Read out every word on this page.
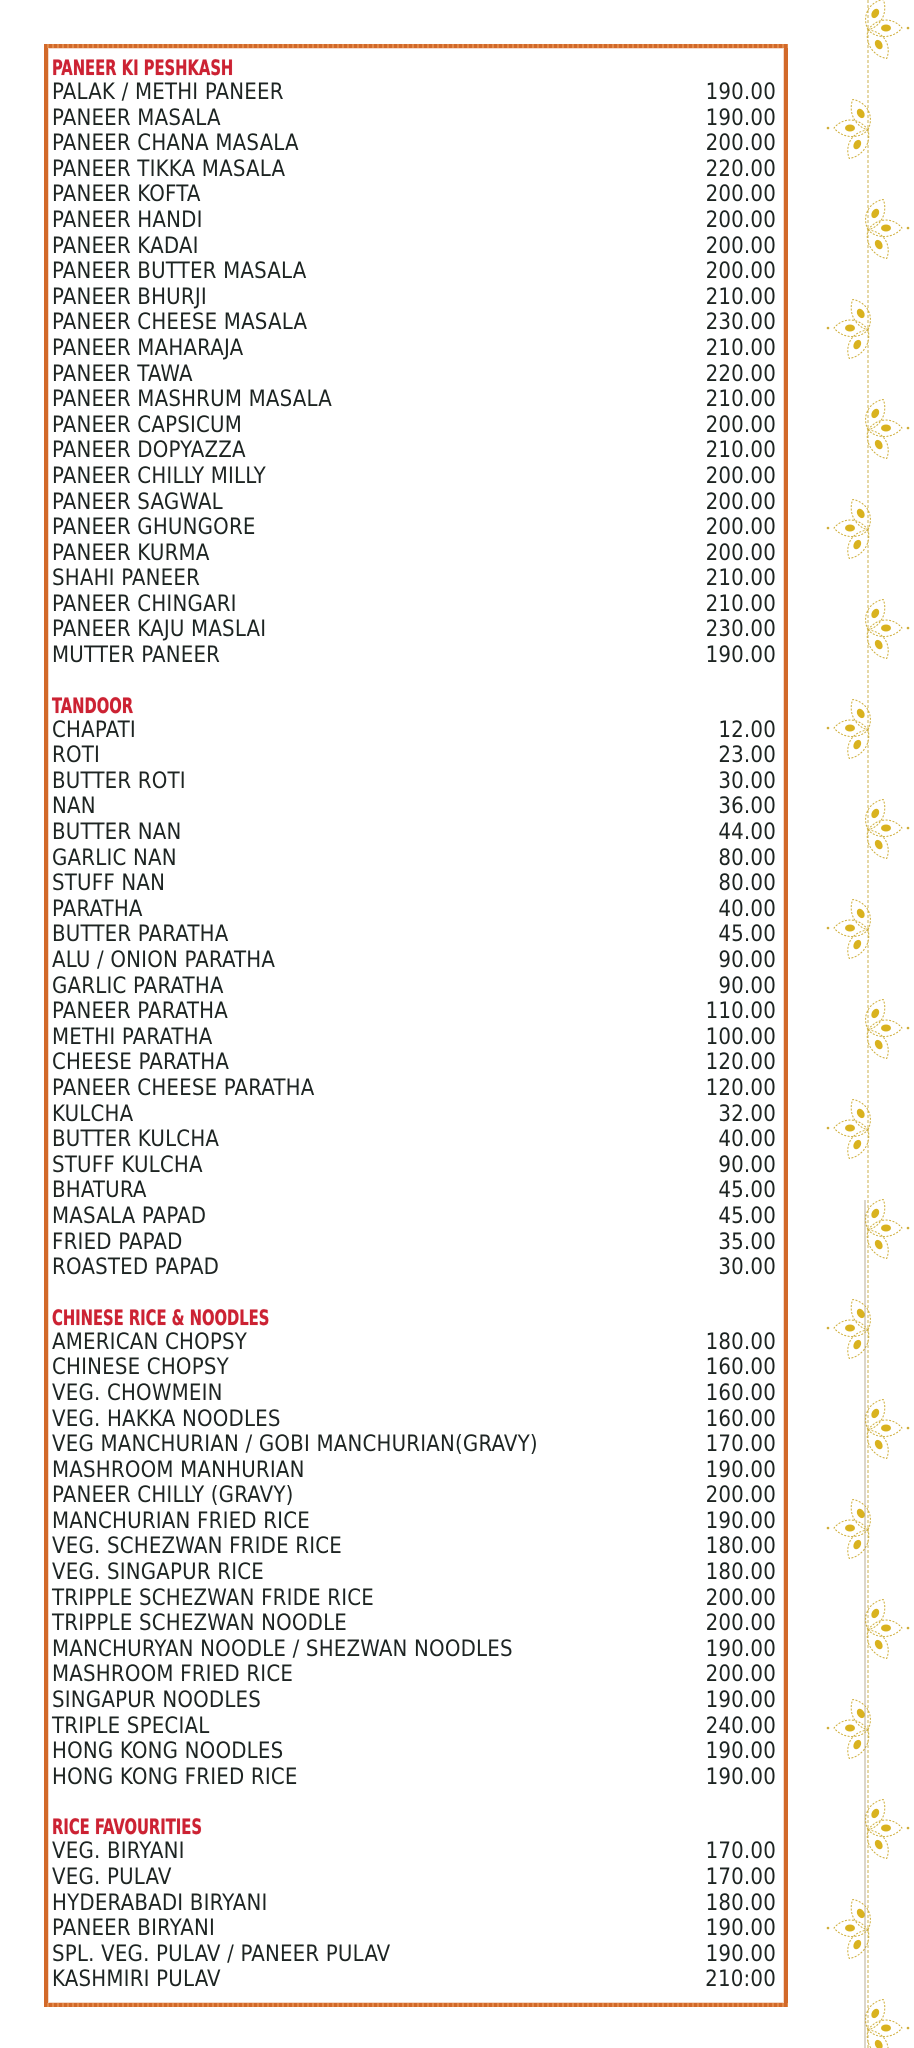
PANEER KI PESHKASH
PALAK / METHI PANEER	190.00
PANEER MASALA	190.00
PANEER CHANA MASALA	200.00
PANEER TIKKA MASALA	220.00
PANEER KOFTA	200.00
PANEER HANDI	200.00
PANEER KADAI	200.00
PANEER BUTTER MASALA	200.00
PANEER BHURJI	210.00
PANEER CHEESE MASALA	230.00
PANEER MAHARAJA	210.00
PANEER TAWA	220.00
PANEER MASHRUM MASALA	210.00
PANEER CAPSICUM	200.00
PANEER DOPYAZZA	210.00
PANEER CHILLY MILLY	200.00
PANEER SAGWAL	200.00
PANEER GHUNGORE	200.00
PANEER KURMA	200.00
SHAHI PANEER	210.00
PANEER CHINGARI	210.00
PANEER KAJU MASLAI	230.00
MUTTER PANEER	190.00
TANDOOR
CHAPATI	12.00
ROTI	23.00
BUTTER ROTI	30.00
NAN	36.00
BUTTER NAN	44.00
GARLIC NAN	80.00
STUFF NAN	80.00
PARATHA	40.00
BUTTER PARATHA	45.00
ALU / ONION PARATHA	90.00
GARLIC PARATHA	90.00
PANEER PARATHA	110.00
METHI PARATHA	100.00
CHEESE PARATHA	120.00
PANEER CHEESE PARATHA	120.00
KULCHA	32.00
BUTTER KULCHA	40.00
STUFF KULCHA	90.00
BHATURA	45.00
MASALA PAPAD	45.00
FRIED PAPAD	35.00
ROASTED PAPAD	30.00
CHINESE RICE & NOODLES
AMERICAN CHOPSY	180.00
CHINESE CHOPSY	160.00
VEG. CHOWMEIN	160.00
VEG. HAKKA NOODLES	160.00
VEG MANCHURIAN / GOBI MANCHURIAN(GRAVY)	170.00
MASHROOM MANHURIAN	190.00
PANEER CHILLY (GRAVY)	200.00
MANCHURIAN FRIED RICE	190.00
VEG. SCHEZWAN FRIDE RICE	180.00
VEG. SINGAPUR RICE	180.00
TRIPPLE SCHEZWAN FRIDE RICE	200.00
TRIPPLE SCHEZWAN NOODLE	200.00
MANCHURYAN NOODLE / SHEZWAN NOODLES	190.00
MASHROOM FRIED RICE	200.00
SINGAPUR NOODLES	190.00
TRIPLE SPECIAL	240.00
HONG KONG NOODLES	190.00
HONG KONG FRIED RICE	190.00
RICE FAVOURITIES
VEG. BIRYANI	170.00
VEG. PULAV	170.00
HYDERABADI BIRYANI	180.00
PANEER BIRYANI	190.00
SPL. VEG. PULAV / PANEER PULAV	190.00
KASHMIRI PULAV	210:00
